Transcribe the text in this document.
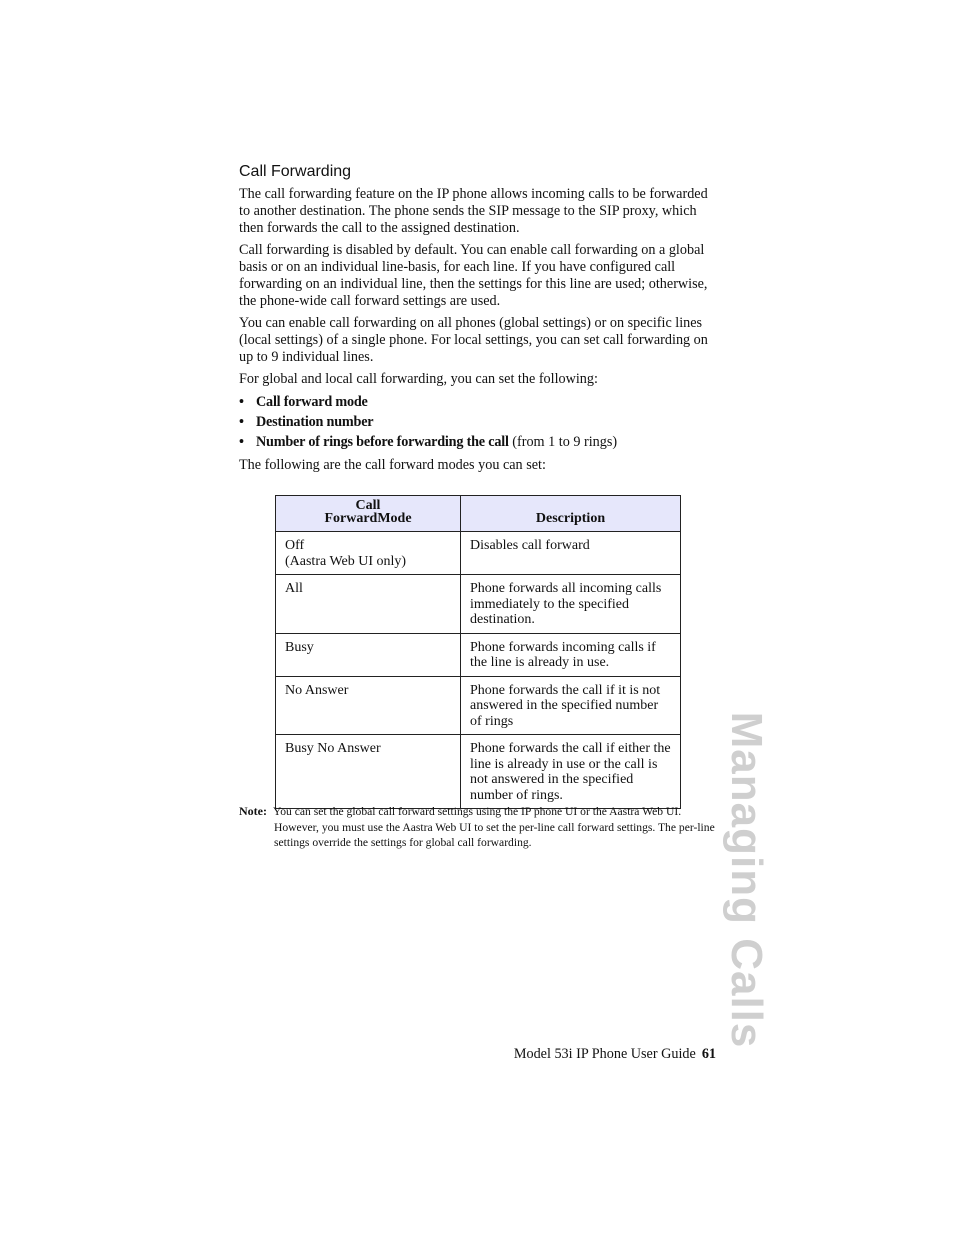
Call Forwarding

The call forwarding feature on the IP phone allows incoming calls to be forwarded to another destination. The phone sends the SIP message to the SIP proxy, which then forwards the call to the assigned destination.

Call forwarding is disabled by default. You can enable call forwarding on a global basis or on an individual line-basis, for each line. If you have configured call forwarding on an individual line, then the settings for this line are used; otherwise, the phone-wide call forward settings are used.

You can enable call forwarding on all phones (global settings) or on specific lines (local settings) of a single phone. For local settings, you can set call forwarding on up to 9 individual lines.

For global and local call forwarding, you can set the following:

• Call forward mode
• Destination number
• Number of rings before forwarding the call (from 1 to 9 rings)

The following are the call forward modes you can set:

Call ForwardMode	Description
Off
(Aastra Web UI only)	Disables call forward
All	Phone forwards all incoming calls immediately to the specified destination.
Busy	Phone forwards incoming calls if the line is already in use.
No Answer	Phone forwards the call if it is not answered in the specified number of rings
Busy No Answer	Phone forwards the call if either the line is already in use or the call is not answered in the specified number of rings.
Note: You can set the global call forward settings using the IP phone UI or the Aastra Web UI. However, you must use the Aastra Web UI to set the per-line call forward settings. The per-line settings override the settings for global call forwarding.	Managing Calls
Model 53i IP Phone User Guide 61
